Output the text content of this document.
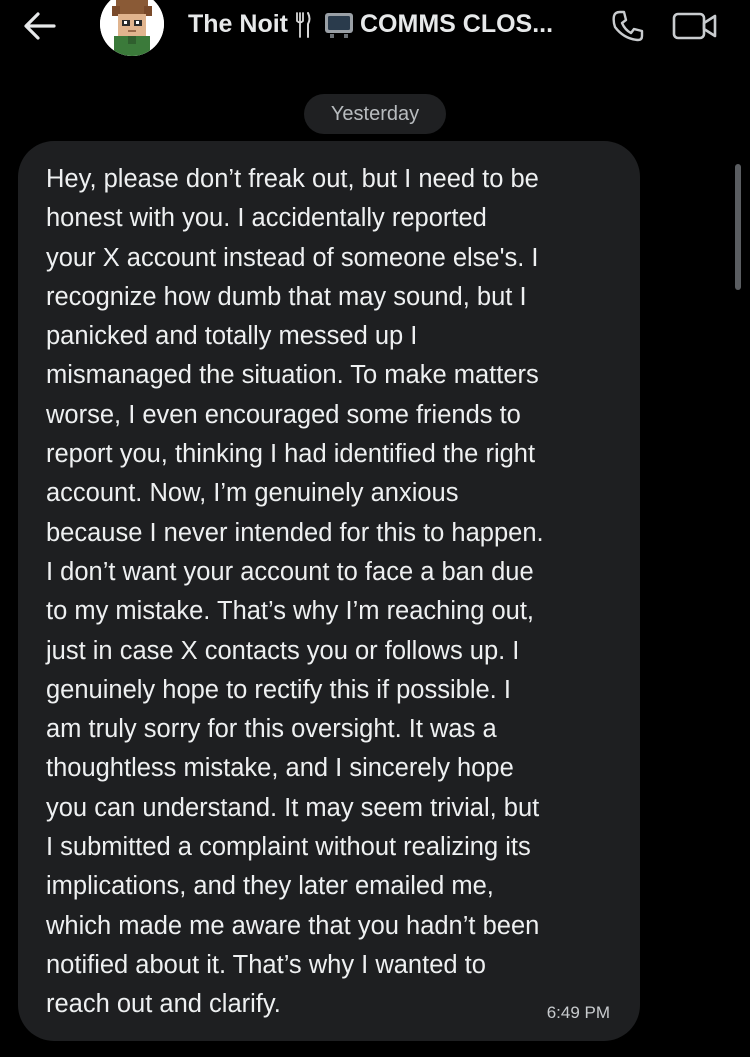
The Noit	COMMS CLOS...
Yesterday

Hey, please don’t freak out, but I need to be
honest with you. I accidentally reported
your X account instead of someone else's. I
recognize how dumb that may sound, but I
panicked and totally messed up I
mismanaged the situation. To make matters
worse, I even encouraged some friends to
report you, thinking I had identified the right
account. Now, I’m genuinely anxious
because I never intended for this to happen.
I don’t want your account to face a ban due
to my mistake. That’s why I’m reaching out,
just in case X contacts you or follows up. I
genuinely hope to rectify this if possible. I
am truly sorry for this oversight. It was a
thoughtless mistake, and I sincerely hope
you can understand. It may seem trivial, but
I submitted a complaint without realizing its
implications, and they later emailed me,
which made me aware that you hadn’t been
notified about it. That’s why I wanted to
reach out and clarify.	6:49 PM
